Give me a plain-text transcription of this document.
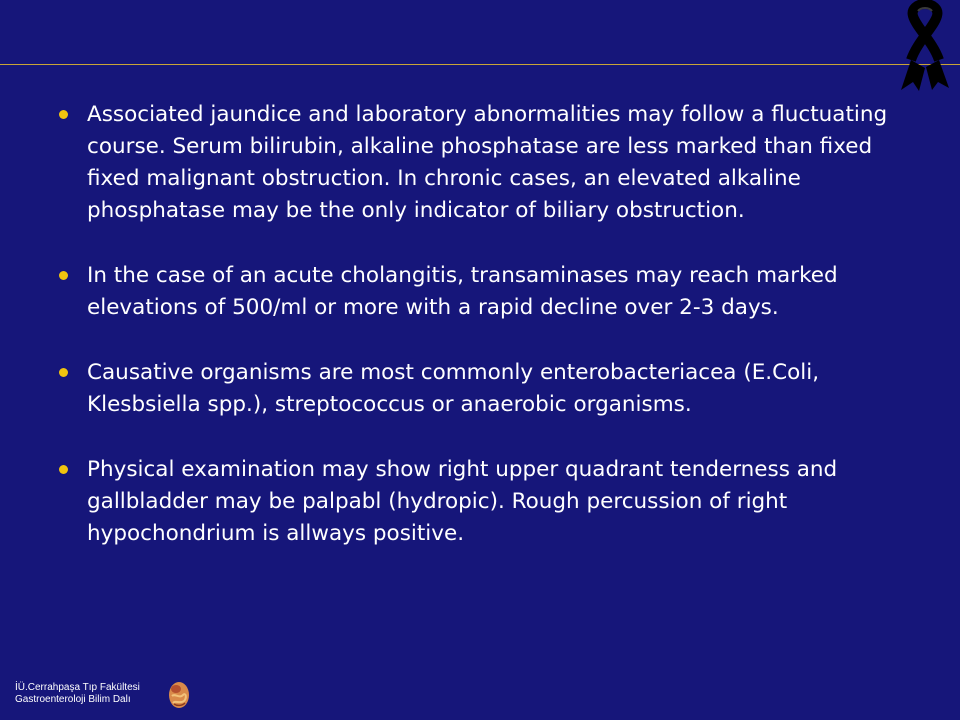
Associated jaundice and laboratory abnormalities may follow a fluctuating course. Serum bilirubin, alkaline phosphatase are less marked than fixed fixed malignant obstruction. In chronic cases, an elevated alkaline phosphatase may be the only indicator of biliary obstruction.
In the case of an acute cholangitis, transaminases may reach marked elevations of 500/ml or more with a rapid decline over 2-3 days.
Causative organisms are most commonly enterobacteriacea (E.Coli, Klesbsiella spp.), streptococcus or anaerobic organisms.
Physical examination may show right upper quadrant tenderness and gallbladder may be palpabl (hydropic). Rough percussion of right hypochondrium is allways positive.
İÜ.Cerrahpaşa Tıp Fakültesi
Gastroenteroloji Bilim Dalı
